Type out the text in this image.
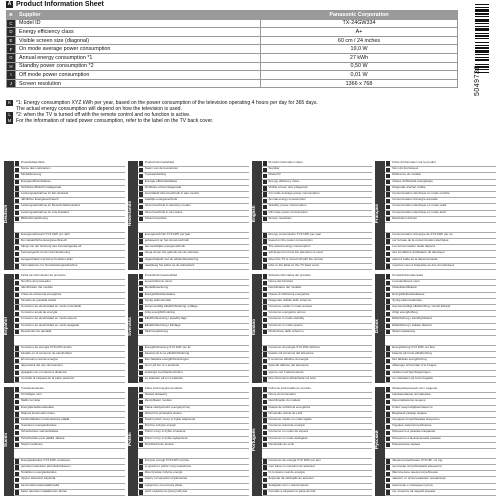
A Product Information Sheet
B	Supplier	Panasonic Corporation
C	Model ID	TX-24GW334
D	Energy efficiency class	A+
E	Visible screen size (diagonal)	60 cm / 24 inches
F	On mode average power consumption	19,0 W
G	Annual energy consumption *1	27 kWh
H	Standby power consumption *2	0,50 W
I	Off mode power consumption	0,01 W
J	Screen resolution	1366 x 768
K	*1: Energy consumption XYZ kWh per year, based on the power consumption of the television operating 4 hours per day for 365 days.
The actual energy consumption will depend on how the television is used.
L	*2: when the TV is turned off with the remote control and no function is active.
M For the information of rated power consumption, refer to the label on the TV back cover.
5049736
Deutsch
Produktdatenblatt
Name des Lieferanten
Modellkennung
Energieeffizienzklasse
Sichtbare Bildschirmdiagonale
Leistungsaufnahme im Ein-Zustand
Jährlicher Energieverbrauch
Leistungsaufnahme im Bereitschaftszustand
Leistungsaufnahme im Aus-Zustand
Bildschirmauflösung
Energieverbrauch XYZ kWh pro Jahr
Der tatsächliche Energieverbrauch
hängt von der Nutzung des Fernsehgeräts ab
Fernsehgerät mit der Fernbedienung
ausgeschaltet und keine Funktion aktiv
Informationen zur Nennleistungsaufnahme
Nederlands
Productinformatieblad
Naam van de leverancier
Typeaanduiding
Energie-efficiëntieklasse
Zichtbare schermdiagonaal
Gemiddeld stroomverbruik in aan-modus
Jaarlijks energieverbruik
Stroomverbruik in stand-by-modus
Stroomverbruik in uit-modus
Schermresolutie
Energieverbruik XYZ kWh per jaar
gebaseerd op het stroomverbruik
Het werkelijke energieverbruik
hangt af van het gebruik van de televisie
uitgeschakeld met de afstandsbediening
raadpleeg het etiket op de achterkant
English
Product information sheet
Supplier
Model ID
Energy efficiency class
Visible screen size (diagonal)
On mode average power consumption
Annual energy consumption
Standby power consumption
Off mode power consumption
Screen resolution
Energy consumption XYZ kWh per year
based on the power consumption
The actual energy consumption
will depend on how the television is used
when the TV is turned off with the remote
refer to the label on the TV back cover
Français
Fiche d'information sur le produit
Nom du fournisseur
Référence du modèle
Classe d'efficacité énergétique
Diagonale d'écran visible
Consommation électrique en mode marche
Consommation d'énergie annuelle
Consommation électrique en mode veille
Consommation électrique en mode arrêt
Résolution d'écran
Consommation d'énergie de XYZ kWh par an
sur la base de la consommation électrique
La consommation réelle dépend
des conditions d'utilisation du téléviseur
éteint à l'aide de la télécommande
reportez-vous à l'étiquette au dos du téléviseur
Español
Ficha de información de producto
Nombre del proveedor
Identificador del modelo
Clase de eficiencia energética
Tamaño de pantalla visible
Consumo de electricidad en modo encendido
Consumo anual de energía
Consumo de electricidad en modo espera
Consumo de electricidad en modo apagado
Resolución de pantalla
Consumo de energía XYZ kWh al año
basado en el consumo de electricidad
El consumo real de energía
dependerá del uso del televisor
apagado con el mando a distancia
consulte la etiqueta de la parte posterior
Svenska
Produktinformationsblad
Leverantörens namn
Modellbeteckning
Energieffektivitetsklass
Synlig skärmstorlek
Genomsnittlig effektförbrukning i påläge
Årlig energiförbrukning
Effektförbrukning i standby-läge
Effektförbrukning i frånläge
Skärmupplösning
Energiförbrukning XYZ kWh per år
baserat på tv:ns effektförbrukning
Den faktiska energiförbrukningen
beror på hur tv:n används
avstängd med fjärrkontrollen
se etiketten på tv:ns baksida
Italiano
Scheda informativa del prodotto
Nome del fornitore
Identificativo del modello
Classe di efficienza energetica
Diagonale visibile dello schermo
Consumo medio in modo acceso
Consumo energetico annuo
Consumo in modo standby
Consumo in modo spento
Risoluzione dello schermo
Consumo di energia XYZ kWh all'anno
basato sul consumo del televisore
Il consumo effettivo di energia
dipende dall'uso del televisore
spento con il telecomando
fare riferimento all'etichetta sul retro
Dansk
Produktinformationsark
Leverandørens navn
Modelidentifikation
Energieffektivitetsklasse
Synlig skærmstørrelse
Gennemsnitligt effektforbrug i tændt tilstand
Årligt energiforbrug
Effektforbrug i standbytilstand
Effektforbrug i slukket tilstand
Skærmopløsning
Energiforbrug XYZ kWh om året
baseret på tv'ets effektforbrug
Det faktiske energiforbrug
afhænger af hvordan tv'et bruges
slukket med fjernbetjeningen
se mærkaten på tv'ets bagside
Suomi
Tuotetietoseloste
Toimittajan nimi
Mallin tunniste
Energiatehokkuusluokka
Näkyvä kuvaruudun koko
Keskimääräinen tehonkulutus päällä
Vuotuinen energiankulutus
Tehonkulutus valmiustilassa
Tehonkulutus pois päältä -tilassa
Näytön tarkkuus
Energiankulutus XYZ kWh vuodessa
perustuu television tehonkulutukseen
Todellinen energiankulutus
riippuu television käytöstä
sammutettu kaukosäätimellä
katso television takakannen tarraa
Polski
Karta informacyjna produktu
Nazwa dostawcy
Identyfikator modelu
Klasa efektywności energetycznej
Widoczna przekątna ekranu
Średni pobór mocy w trybie włączenia
Roczne zużycie energii
Pobór mocy w trybie czuwania
Pobór mocy w trybie wyłączenia
Rozdzielczość ekranu
Zużycie energii XYZ kWh rocznie
w oparciu o pobór mocy telewizora
Rzeczywiste zużycie energii
zależy od sposobu użytkowania
wyłączony za pomocą pilota
patrz etykieta na tylnej pokrywie
Português
Ficha de informação do produto
Nome do fornecedor
Identificação do modelo
Classe de eficiência energética
Dimensão visível do ecrã
Consumo médio no modo ligado
Consumo anual de energia
Consumo no modo de espera
Consumo no modo desligado
Resolução do ecrã
Consumo de energia XYZ kWh por ano
com base no consumo do televisor
O consumo real de energia
depende da utilização do televisor
desligado com o telecomando
consulte a etiqueta na parte de trás
Русский
Информационный лист изделия
Наименование поставщика
Идентификатор модели
Класс энергоэффективности
Видимый размер экрана
Средняя потребляемая мощность
Годовое энергопотребление
Мощность в режиме ожидания
Мощность в выключенном режиме
Разрешение экрана
Энергопотребление XYZ кВт·ч в год
на основе потребляемой мощности
Фактическое энергопотребление
зависит от использования телевизора
выключен с помощью пульта
см. этикетку на задней крышке
